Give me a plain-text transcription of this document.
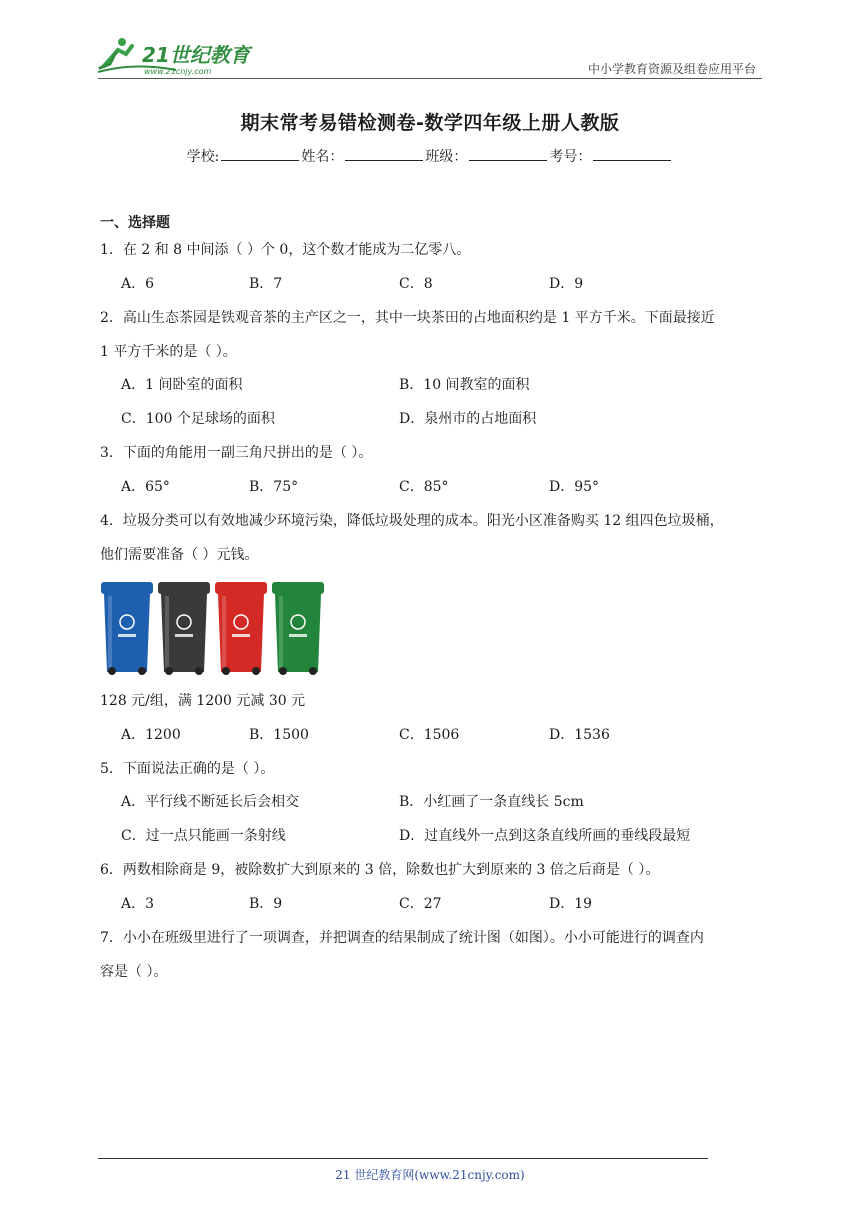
21世纪教育
www.21cnjy.com	中小学教育资源及组卷应用平台
期末常考易错检测卷-数学四年级上册人教版
学校:	姓名：	班级：	考号：
一、选择题
1．在 2 和 8 中间添（ ）个 0，这个数才能成为二亿零八。
A．6	B．7	C．8	D．9
2．高山生态茶园是铁观音茶的主产区之一，其中一块茶田的占地面积约是 1 平方千米。下面最接近
1 平方千米的是（ ）。
A．1 间卧室的面积	B．10 间教室的面积
C．100 个足球场的面积	D．泉州市的占地面积
3．下面的角能用一副三角尺拼出的是（ ）。
A．65°	B．75°	C．85°	D．95°
4．垃圾分类可以有效地减少环境污染，降低垃圾处理的成本。阳光小区准备购买 12 组四色垃圾桶，
他们需要准备（ ）元钱。
128 元/组，满 1200 元减 30 元
A．1200	B．1500	C．1506	D．1536
5．下面说法正确的是（ ）。
A．平行线不断延长后会相交	B．小红画了一条直线长 5cm
C．过一点只能画一条射线	D．过直线外一点到这条直线所画的垂线段最短
6．两数相除商是 9，被除数扩大到原来的 3 倍，除数也扩大到原来的 3 倍之后商是（ ）。
A．3	B．9	C．27	D．19
7．小小在班级里进行了一项调查，并把调查的结果制成了统计图（如图）。小小可能进行的调查内
容是（ ）。
21 世纪教育网(www.21cnjy.com)
